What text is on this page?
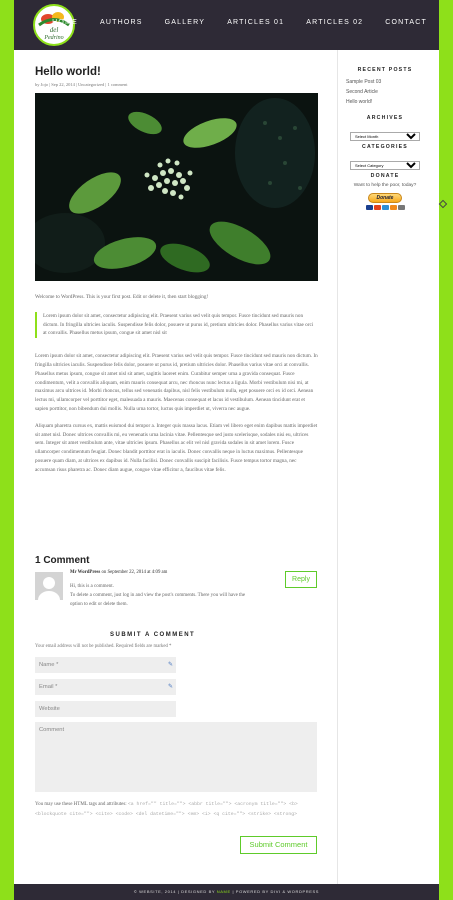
del
Pedrino
HOME	AUTHORS	GALLERY	ARTICLES 01	ARTICLES 02	CONTACT
Hello world!
by Jojo | Sep 22, 2014 | Uncategorized | 1 comment

Welcome to WordPress. This is your first post. Edit or delete it, then start blogging!

Lorem ipsum dolor sit amet, consectetur adipiscing elit. Praesent varius sed velit quis tempor. Fusce tincidunt sed mauris non dictum. In fringilla ultricies iaculis. Suspendisse felis dolor, posuere ut purus id, pretium ultricies dolor. Phasellus varius vitae orci at convallis. Phasellus metus ipsum, congue sit amet nisl sit

Lorem ipsum dolor sit amet, consectetur adipiscing elit. Praesent varius sed velit quis tempor. Fusce tincidunt sed mauris non dictum. In fringilla ultricies iaculis. Suspendisse felis dolor, posuere ut purus id, pretium ultricies dolor. Phasellus varius vitae orci at convallis. Phasellus metus ipsum, congue sit amet nisl sit amet, sagittis laoreet enim. Curabitur semper urna a gravida consequat. Fusce condimentum, velit a convallis aliquam, enim mauris consequat arcu, nec rhoncus nunc lectus a ligula. Morbi vestibulum nisi mi, at maximus arcu ultrices id. Morbi rhoncus, tellus sed venenatis dapibus, nisl felis vestibulum nulla, eget posuere orci ex id orci. Aenean lectus mi, ullamcorper vel porttitor eget, malesuada a mauris. Maecenas consequat et lacus id vestibulum. Aenean tincidunt erat et sapien porttitor, non bibendum dui mollis. Nulla urna tortor, luctus quis imperdiet ut, viverra nec augue.

Aliquam pharetra cursus ex, mattis euismod dui tempor a. Integer quis massa lacus. Etiam vel libero eget enim dapibus mattis imperdiet sit amet nisl. Donec ultrices convallis mi, eu venenatis urna lacinia vitae. Pellentesque sed justo scelerisque, sodales nisi eu, ultrices sem. Integer sit amet vestibulum ante, vitae ultricies ipsum. Phasellus ac elit vel nisl gravida sodales in sit amet lorem. Fusce ullamcorper condimentum feugiat. Donec blandit porttitor erat in iaculis. Donec convallis neque in luctus maximus. Pellentesque posuere quam diam, at ultrices ex dapibus id. Nulla facilisi. Donec convallis suscipit facilisis. Fusce tempus tortor magna, nec accumsan risus pharetra ac. Donec diam augue, congue vitae efficitur a, faucibus vitae felis.

1 Comment
Mr WordPress on September 22, 2014 at 4:09 am
Hi, this is a comment.
To delete a comment, just log in and view the post's comments. There you will have the option to edit or delete them.
Reply
SUBMIT A COMMENT
Your email address will not be published. Required fields are marked *
Name *	✎
Email *	✎
Website
Comment
You may use these HTML tags and attributes: <a href="" title=""> <abbr title=""> <acronym title=""> <b> <blockquote cite=""> <cite> <code> <del datetime=""> <em> <i> <q cite=""> <strike> <strong>
Submit Comment
RECENT POSTS
Sample Post 03
Second Article
Hello world!
ARCHIVES
Select Month
CATEGORIES
Select Category
DONATE
Want to help the poor, today?
Donate
© WEBSITE, 2014 | DESIGNED BY NAME | POWERED BY DIVI & WORDPRESS
